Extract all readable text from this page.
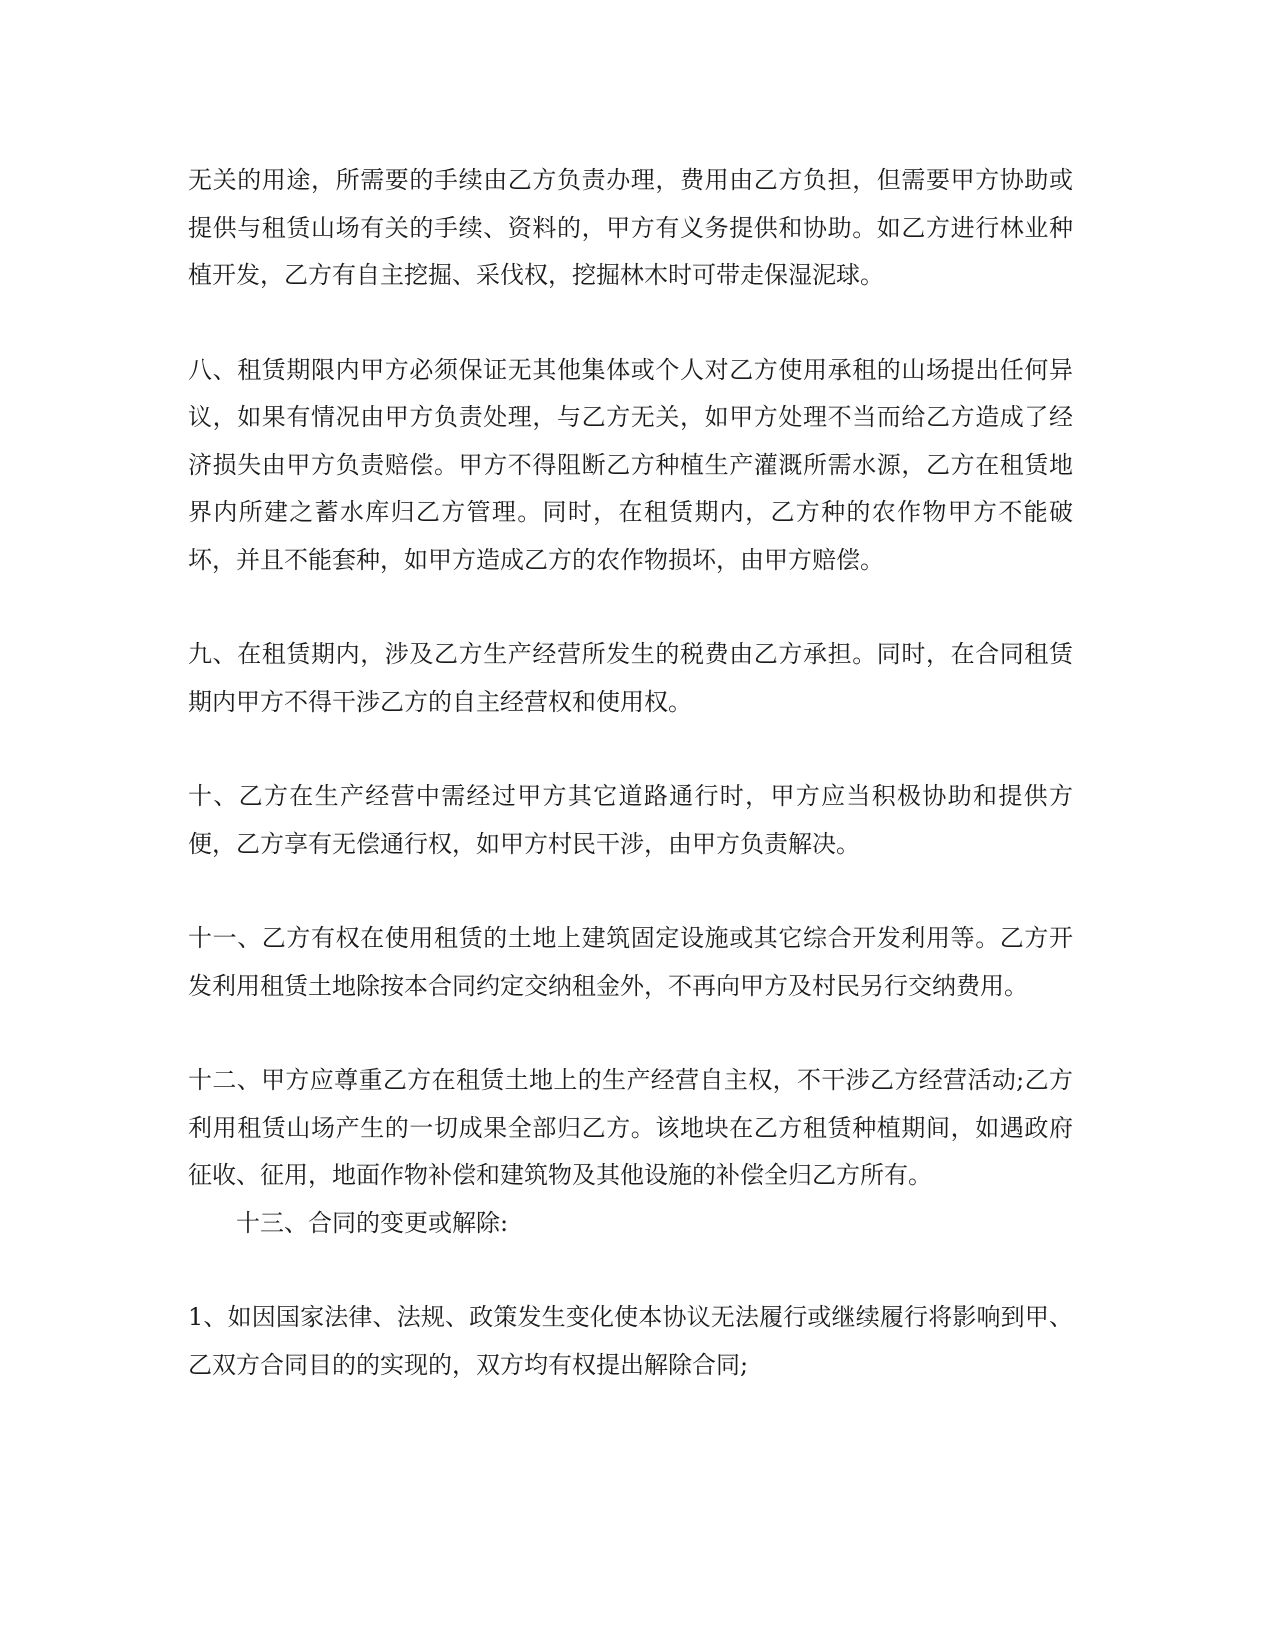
无关的用途，所需要的手续由乙方负责办理，费用由乙方负担，但需要甲方协助或提供与租赁山场有关的手续、资料的，甲方有义务提供和协助。如乙方进行林业种植开发，乙方有自主挖掘、采伐权，挖掘林木时可带走保湿泥球。

八、租赁期限内甲方必须保证无其他集体或个人对乙方使用承租的山场提出任何异议，如果有情况由甲方负责处理，与乙方无关，如甲方处理不当而给乙方造成了经济损失由甲方负责赔偿。甲方不得阻断乙方种植生产灌溉所需水源，乙方在租赁地界内所建之蓄水库归乙方管理。同时，在租赁期内，乙方种的农作物甲方不能破坏，并且不能套种，如甲方造成乙方的农作物损坏，由甲方赔偿。

九、在租赁期内，涉及乙方生产经营所发生的税费由乙方承担。同时，在合同租赁期内甲方不得干涉乙方的自主经营权和使用权。

十、乙方在生产经营中需经过甲方其它道路通行时，甲方应当积极协助和提供方便，乙方享有无偿通行权，如甲方村民干涉，由甲方负责解决。

十一、乙方有权在使用租赁的土地上建筑固定设施或其它综合开发利用等。乙方开发利用租赁土地除按本合同约定交纳租金外，不再向甲方及村民另行交纳费用。

十二、甲方应尊重乙方在租赁土地上的生产经营自主权，不干涉乙方经营活动;乙方利用租赁山场产生的一切成果全部归乙方。该地块在乙方租赁种植期间，如遇政府征收、征用，地面作物补偿和建筑物及其他设施的补偿全归乙方所有。

十三、合同的变更或解除:

1、如因国家法律、法规、政策发生变化使本协议无法履行或继续履行将影响到甲、乙双方合同目的的实现的，双方均有权提出解除合同;
